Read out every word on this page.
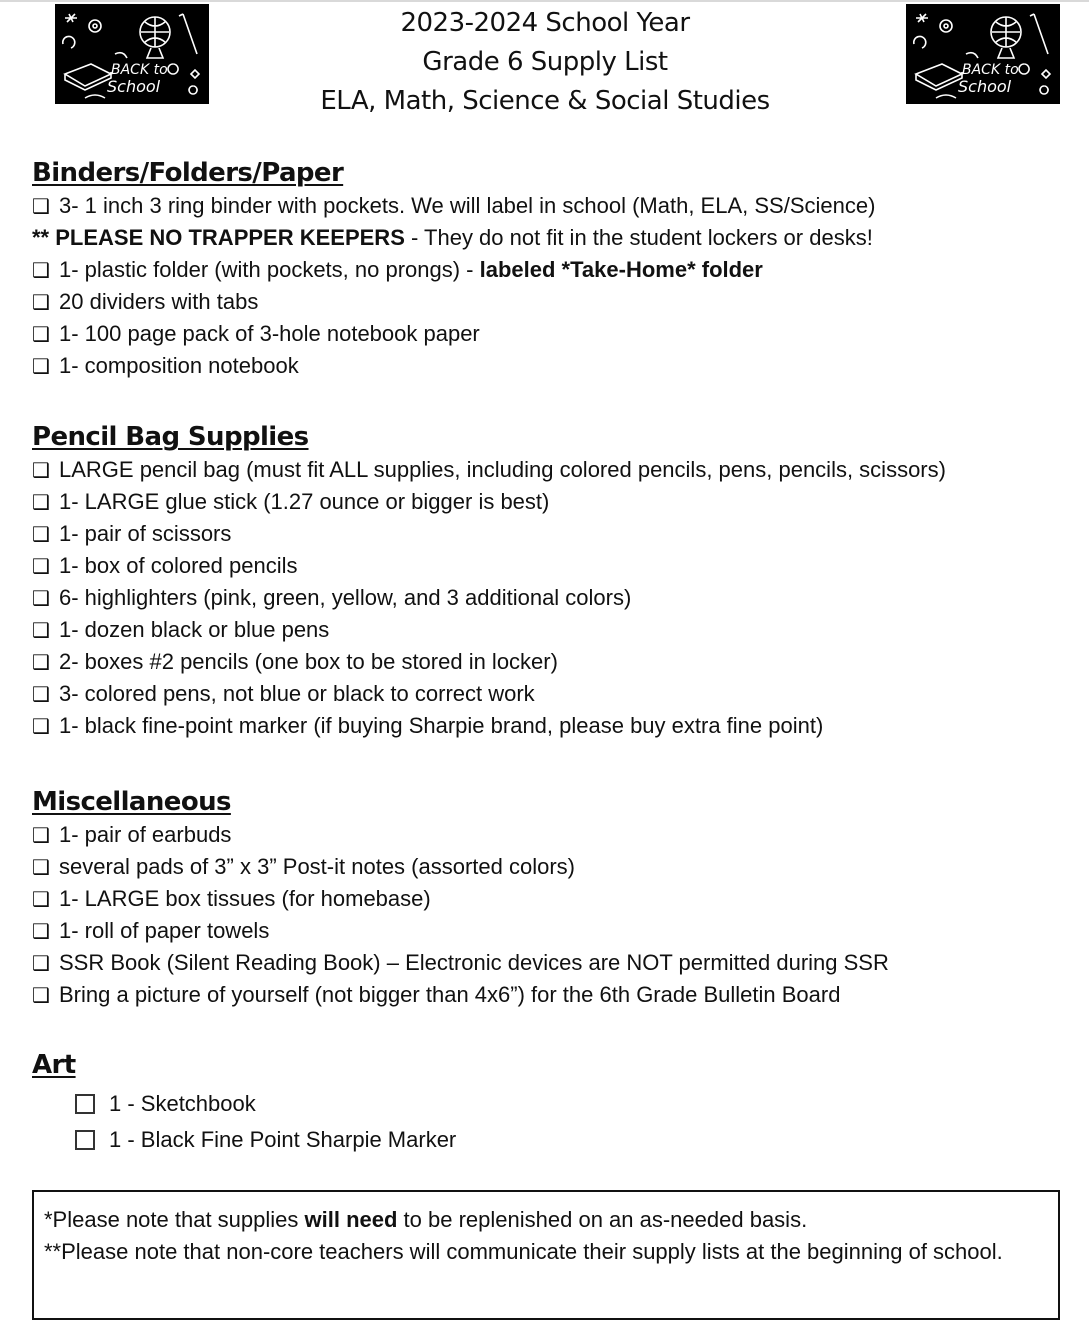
BACK to
School
BACK to
School
2023-2024 School Year
Grade 6 Supply List
ELA, Math, Science & Social Studies
Binders/Folders/Paper
❑ 3- 1 inch 3 ring binder with pockets. We will label in school (Math, ELA, SS/Science)
** PLEASE NO TRAPPER KEEPERS - They do not fit in the student lockers or desks!
❑ 1- plastic folder (with pockets, no prongs) - labeled *Take-Home* folder
❑ 20 dividers with tabs
❑ 1- 100 page pack of 3-hole notebook paper
❑ 1- composition notebook
Pencil Bag Supplies
❑ LARGE pencil bag (must fit ALL supplies, including colored pencils, pens, pencils, scissors)
❑ 1- LARGE glue stick (1.27 ounce or bigger is best)
❑ 1- pair of scissors
❑ 1- box of colored pencils
❑ 6- highlighters (pink, green, yellow, and 3 additional colors)
❑ 1- dozen black or blue pens
❑ 2- boxes #2 pencils (one box to be stored in locker)
❑ 3- colored pens, not blue or black to correct work
❑ 1- black fine-point marker (if buying Sharpie brand, please buy extra fine point)
Miscellaneous
❑ 1- pair of earbuds
❑ several pads of 3” x 3” Post-it notes (assorted colors)
❑ 1- LARGE box tissues (for homebase)
❑ 1- roll of paper towels
❑ SSR Book (Silent Reading Book) – Electronic devices are NOT permitted during SSR
❑ Bring a picture of yourself (not bigger than 4x6”) for the 6th Grade Bulletin Board
Art
1 - Sketchbook
1 - Black Fine Point Sharpie Marker
*Please note that supplies will need to be replenished on an as-needed basis.
**Please note that non-core teachers will communicate their supply lists at the beginning of school.
